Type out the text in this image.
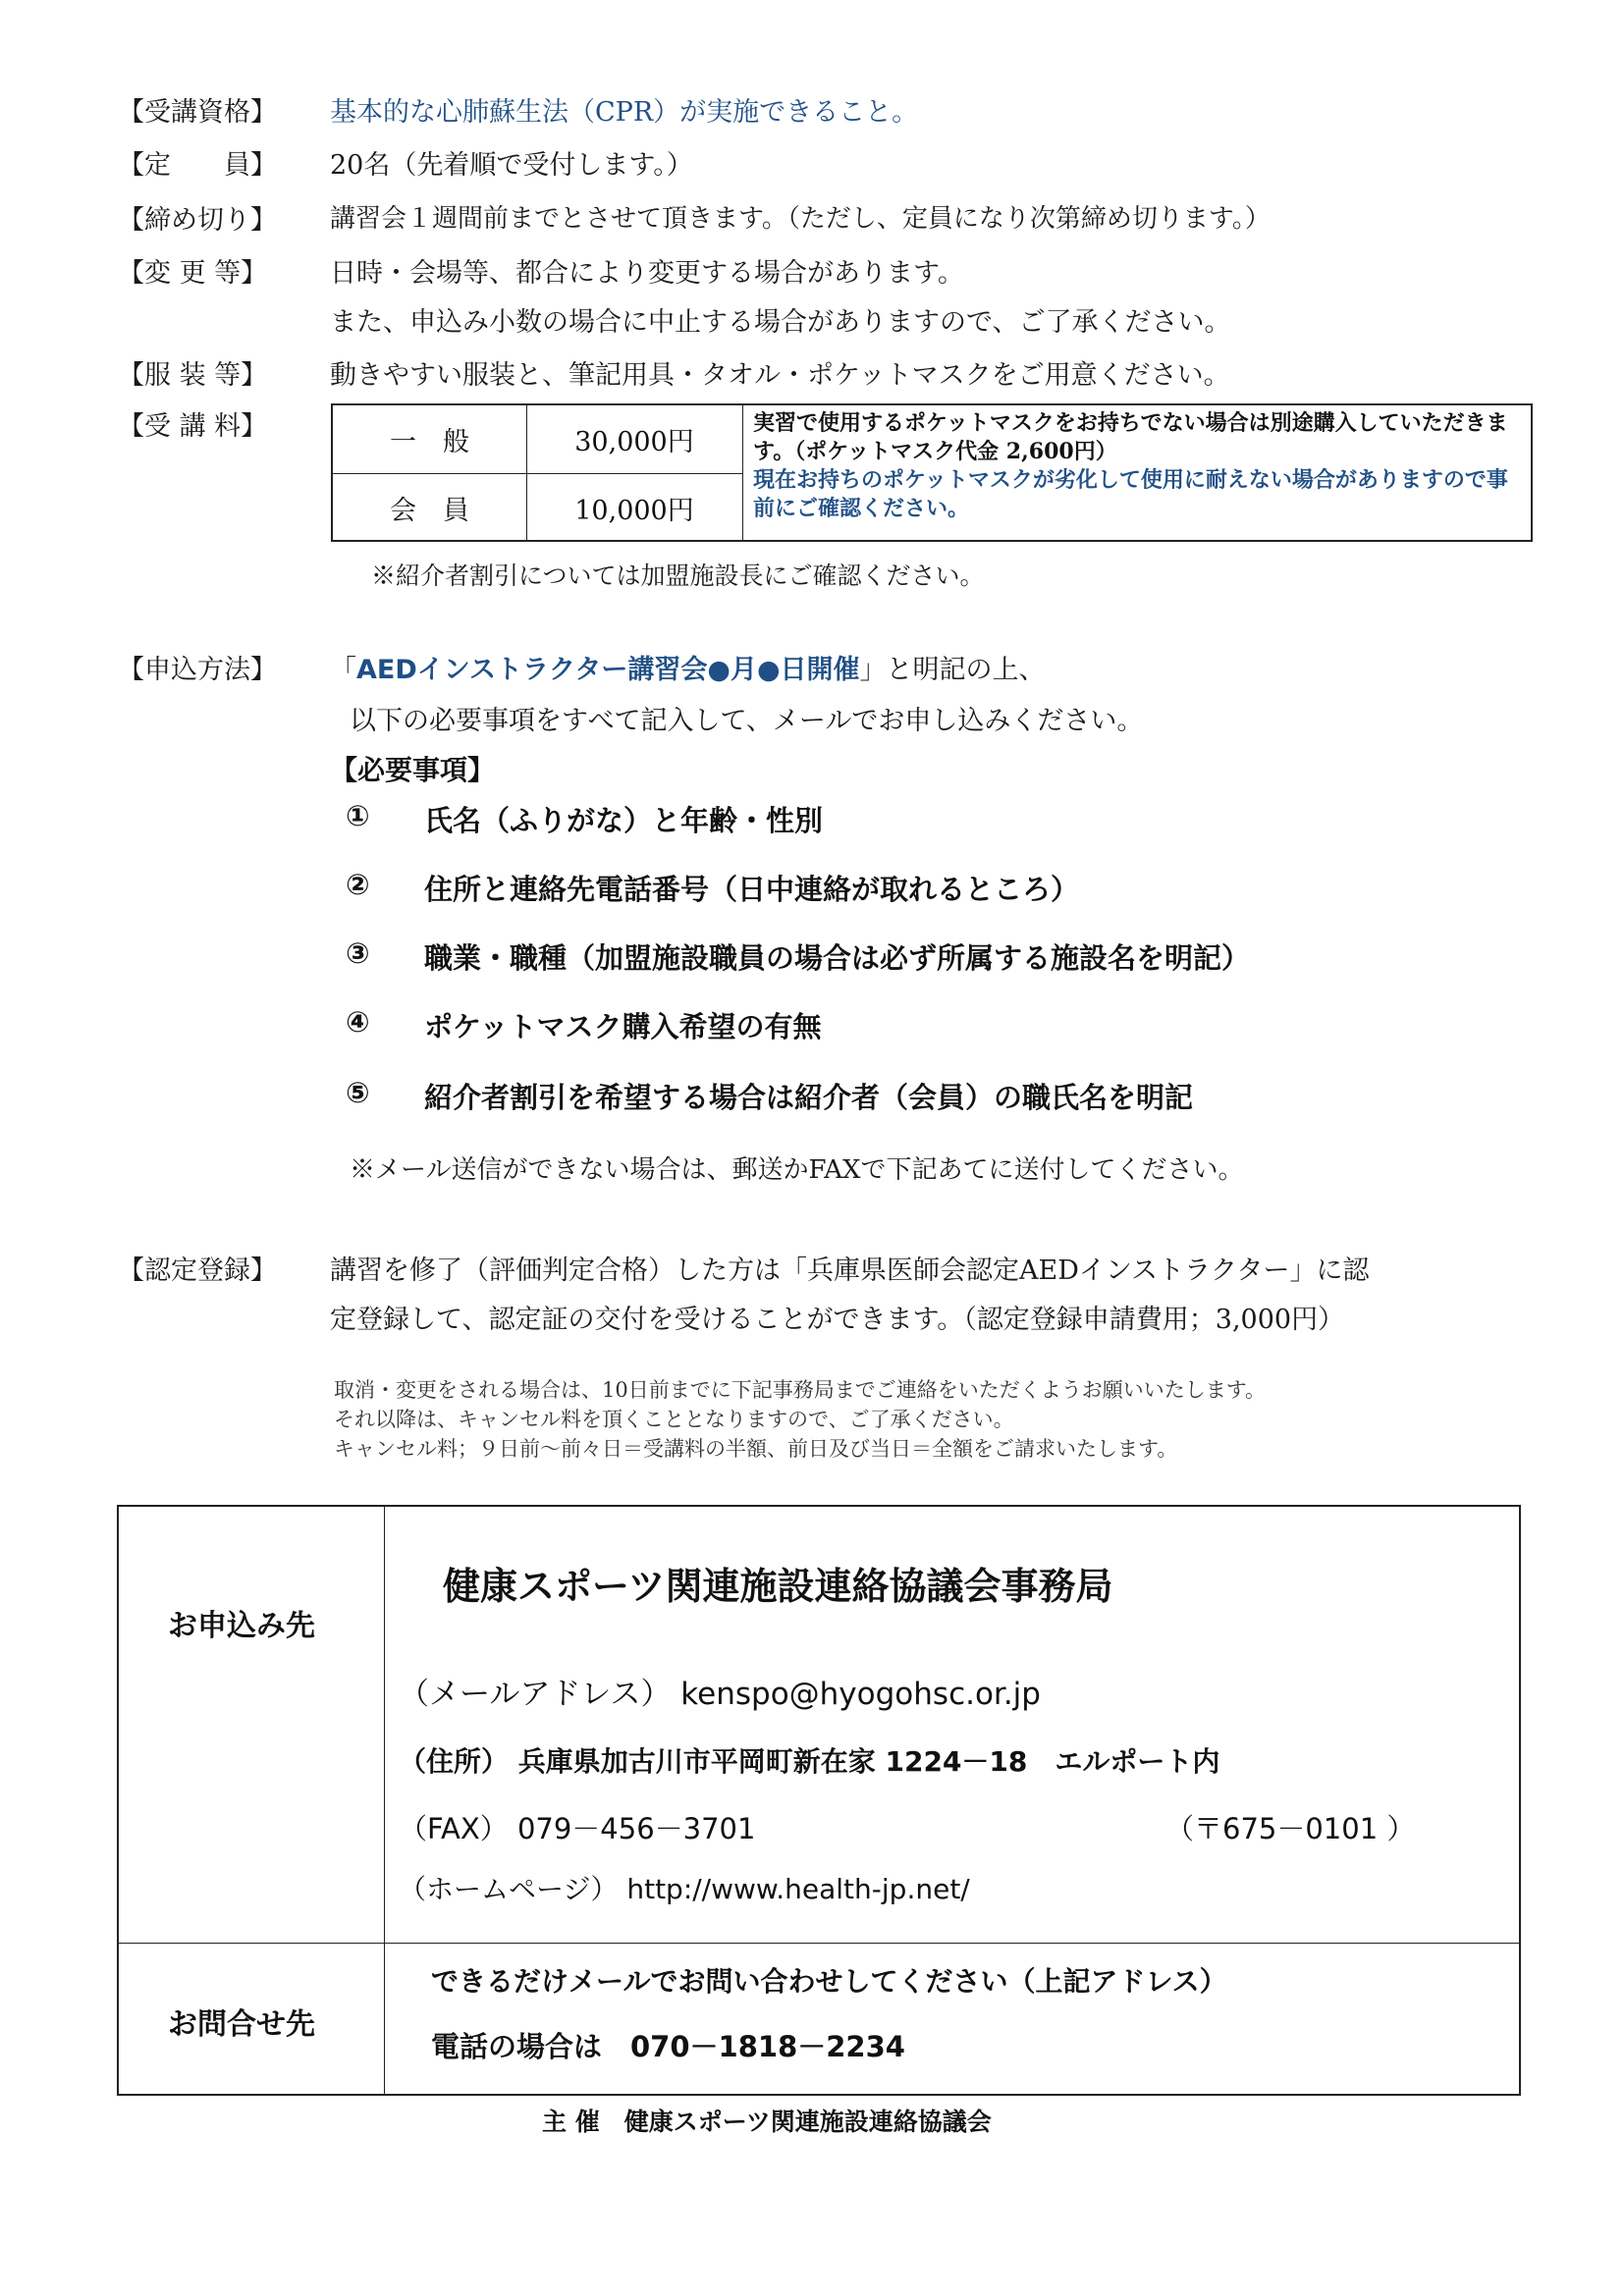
【受講資格】 基本的な心肺蘇生法（CPR）が実施できること。
【定　　員】 20名（先着順で受付します。）
【締め切り】 講習会１週間前までとさせて頂きます。（ただし、定員になり次第締め切ります。）
【変 更 等】 日時・会場等、都合により変更する場合があります。
また、申込み小数の場合に中止する場合がありますので、ご了承ください。
【服 装 等】 動きやすい服装と、筆記用具・タオル・ポケットマスクをご用意ください。
【受 講 料】
一　般	30,000円
会　員	10,000円
実習で使用するポケットマスクをお持ちでない場合は別途購入していただきます。（ポケットマスク代金 2,600円）
現在お持ちのポケットマスクが劣化して使用に耐えない場合がありますので事前にご確認ください。
※紹介者割引については加盟施設長にご確認ください。
【申込方法】 「AEDインストラクター講習会●月●日開催」と明記の上、
以下の必要事項をすべて記入して、メールでお申し込みください。
【必要事項】
① 氏名（ふりがな）と年齢・性別
② 住所と連絡先電話番号（日中連絡が取れるところ）
③ 職業・職種（加盟施設職員の場合は必ず所属する施設名を明記）
④ ポケットマスク購入希望の有無
⑤ 紹介者割引を希望する場合は紹介者（会員）の職氏名を明記
※メール送信ができない場合は、郵送かFAXで下記あてに送付してください。
【認定登録】 講習を修了（評価判定合格）した方は「兵庫県医師会認定AEDインストラクター」に認
定登録して、認定証の交付を受けることができます。（認定登録申請費用；3,000円）
取消・変更をされる場合は、10日前までに下記事務局までご連絡をいただくようお願いいたします。
それ以降は、キャンセル料を頂くこととなりますので、ご了承ください。
キャンセル料；９日前～前々日＝受講料の半額、前日及び当日＝全額をご請求いたします。
お申込み先
健康スポーツ関連施設連絡協議会事務局
（メールアドレス） kenspo@hyogohsc.or.jp
（住所） 兵庫県加古川市平岡町新在家 1224－18　エルポート内
（FAX） 079－456－3701	（〒675－0101 ）
（ホームページ） http://www.health-jp.net/
お問合せ先
できるだけメールでお問い合わせしてください（上記アドレス）
電話の場合は　070－1818－2234
主 催　健康スポーツ関連施設連絡協議会
